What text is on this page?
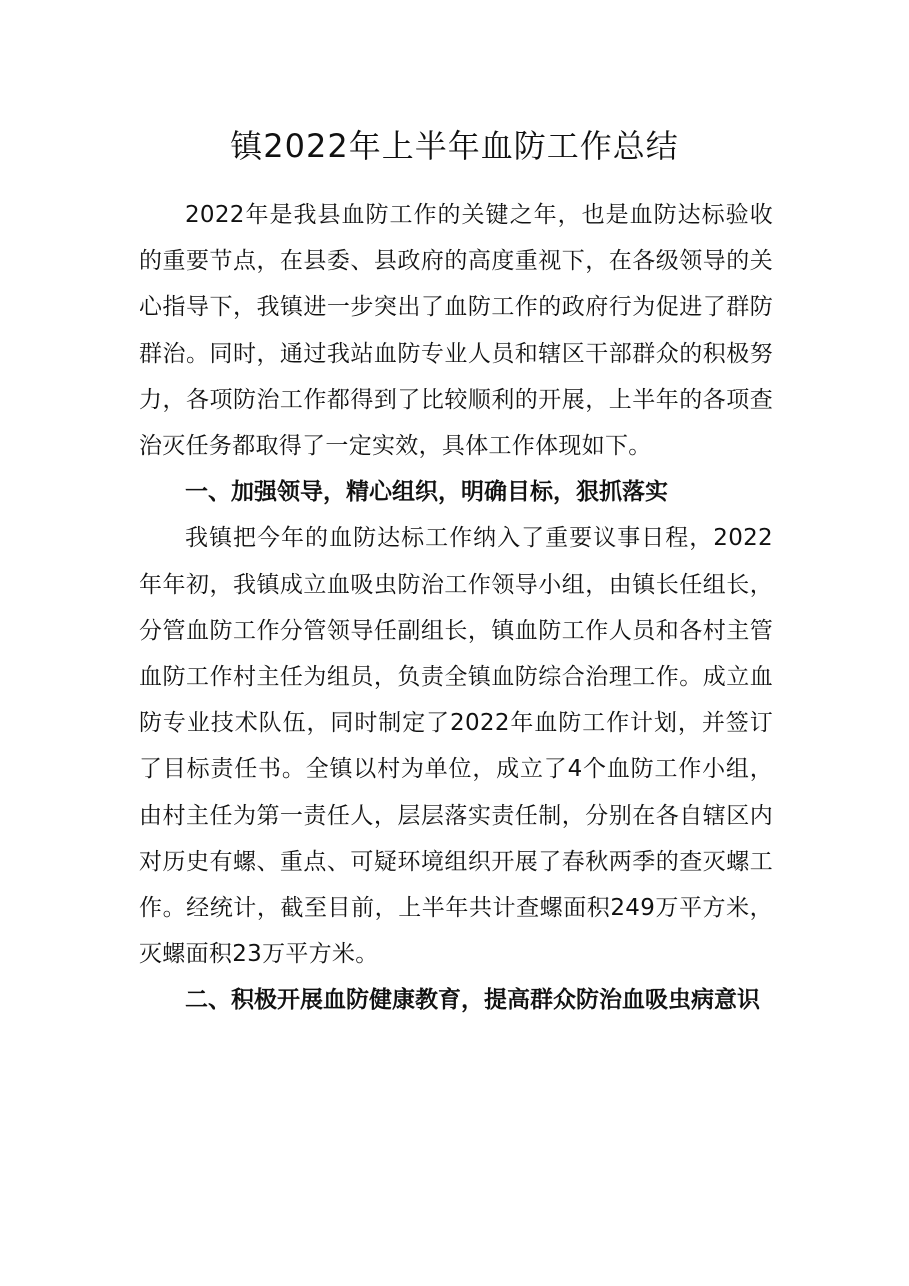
镇2022年上半年血防工作总结

2022年是我县血防工作的关键之年，也是血防达标验收的重要节点，在县委、县政府的高度重视下，在各级领导的关心指导下，我镇进一步突出了血防工作的政府行为促进了群防群治。同时，通过我站血防专业人员和辖区干部群众的积极努力，各项防治工作都得到了比较顺利的开展，上半年的各项查治灭任务都取得了一定实效，具体工作体现如下。

一、加强领导，精心组织，明确目标，狠抓落实

我镇把今年的血防达标工作纳入了重要议事日程，2022年年初，我镇成立血吸虫防治工作领导小组，由镇长任组长，分管血防工作分管领导任副组长，镇血防工作人员和各村主管血防工作村主任为组员，负责全镇血防综合治理工作。成立血防专业技术队伍，同时制定了2022年血防工作计划，并签订了目标责任书。全镇以村为单位，成立了4个血防工作小组，由村主任为第一责任人，层层落实责任制，分别在各自辖区内对历史有螺、重点、可疑环境组织开展了春秋两季的查灭螺工作。经统计，截至目前，上半年共计查螺面积249万平方米，灭螺面积23万平方米。

二、积极开展血防健康教育，提高群众防治血吸虫病意识
